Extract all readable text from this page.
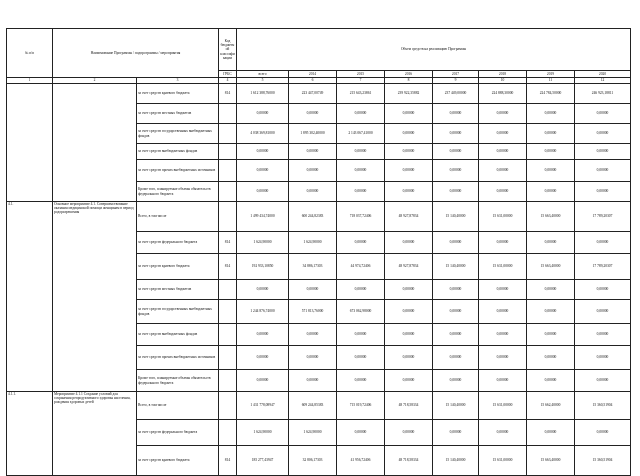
№ п/п	Наименование Программы / подпрограммы / мероприятия		Код бюджетной классификации	Объем средств на реализацию Программы							
			ГРБС	всего	2014	2015	2016	2017	2018	2019	2020
1	2	3	4	5	6	7	8	9	10	11	12
		за счет средств краевого бюджета	814	1 612 388,76000	223 447,00749	215 643,23861	239 922,35882	237 449,00000	224 888,30000	224 784,50000	246 923,18811
		за счет средств местных бюджетов		0,00000	0,00000	0,00000	0,00000	0,00000	0,00000	0,00000	0,00000
		за счет средств государственных внебюджетных фондов		4 038 369,81000	1 895 302,40000	2 143 067,41000	0,00000	0,00000	0,00000	0,00000	0,00000
		за счет средств внебюджетных фондов		0,00000	0,00000	0,00000	0,00000	0,00000	0,00000	0,00000	0,00000
		за счет средств прочих внебюджетных источников		0,00000	0,00000	0,00000	0,00000	0,00000	0,00000	0,00000	0,00000
		Кроме того, планируемые объемы обязательств федерального бюджета		0,00000	0,00000	0,00000	0,00000	0,00000	0,00000	0,00000	0,00000
4.1.	Основное мероприятие 4.1. Совершенствование оказания медицинской помощи женщинам в период родоразрешения	Всего, в том числе		1 499 434,74000	600 244,82383	718 037,72406	48 927,87834	15 140,40000	15 631,00000	15 663,40000	17 789,20307
		за счет средств федерального бюджета	814	1 624,90000	1 624,90000	0,00000	0,00000	0,00000	0,00000	0,00000	0,00000
		за счет средств краевого бюджета	814	192 933,10850	34 886,17303	44 974,72406	48 927,87834	15 140,40000	15 631,00000	15 663,40000	17 789,20307
		за счет средств местных бюджетов		0,00000	0,00000	0,00000	0,00000	0,00000	0,00000	0,00000	0,00000
		за счет средств государственных внебюджетных фондов		1 244 876,74000	571 813,76000	673 062,98000	0,00000	0,00000	0,00000	0,00000	0,00000
		за счет средств внебюджетных фондов		0,00000	0,00000	0,00000	0,00000	0,00000	0,00000	0,00000	0,00000
		за счет средств прочих внебюджетных источников		0,00000	0,00000	0,00000	0,00000	0,00000	0,00000	0,00000	0,00000
		Кроме того, планируемые объемы обязательств федерального бюджета		0,00000	0,00000	0,00000	0,00000	0,00000	0,00000	0,00000	0,00000
4.1.1.	Мероприятие 4.1.1 Создание условий для сохранения репродуктивного здоровья населения, рождения здоровых детей	Всего, в том числе		1 431 778,08947	609 244,85383	715 019,72406	48 718,58334	15 140,40000	15 631,00000	15 662,40000	15 360,51904
		за счет средств федерального бюджета		1 624,90000	1 624,90000	0,00000	0,00000	0,00000	0,00000	0,00000	0,00000
		за счет средств краевого бюджета	814	185 277,43947	32 806,17303	41 956,72406	48 718,58334	15 140,40000	15 631,00000	15 663,40000	15 360,51904
